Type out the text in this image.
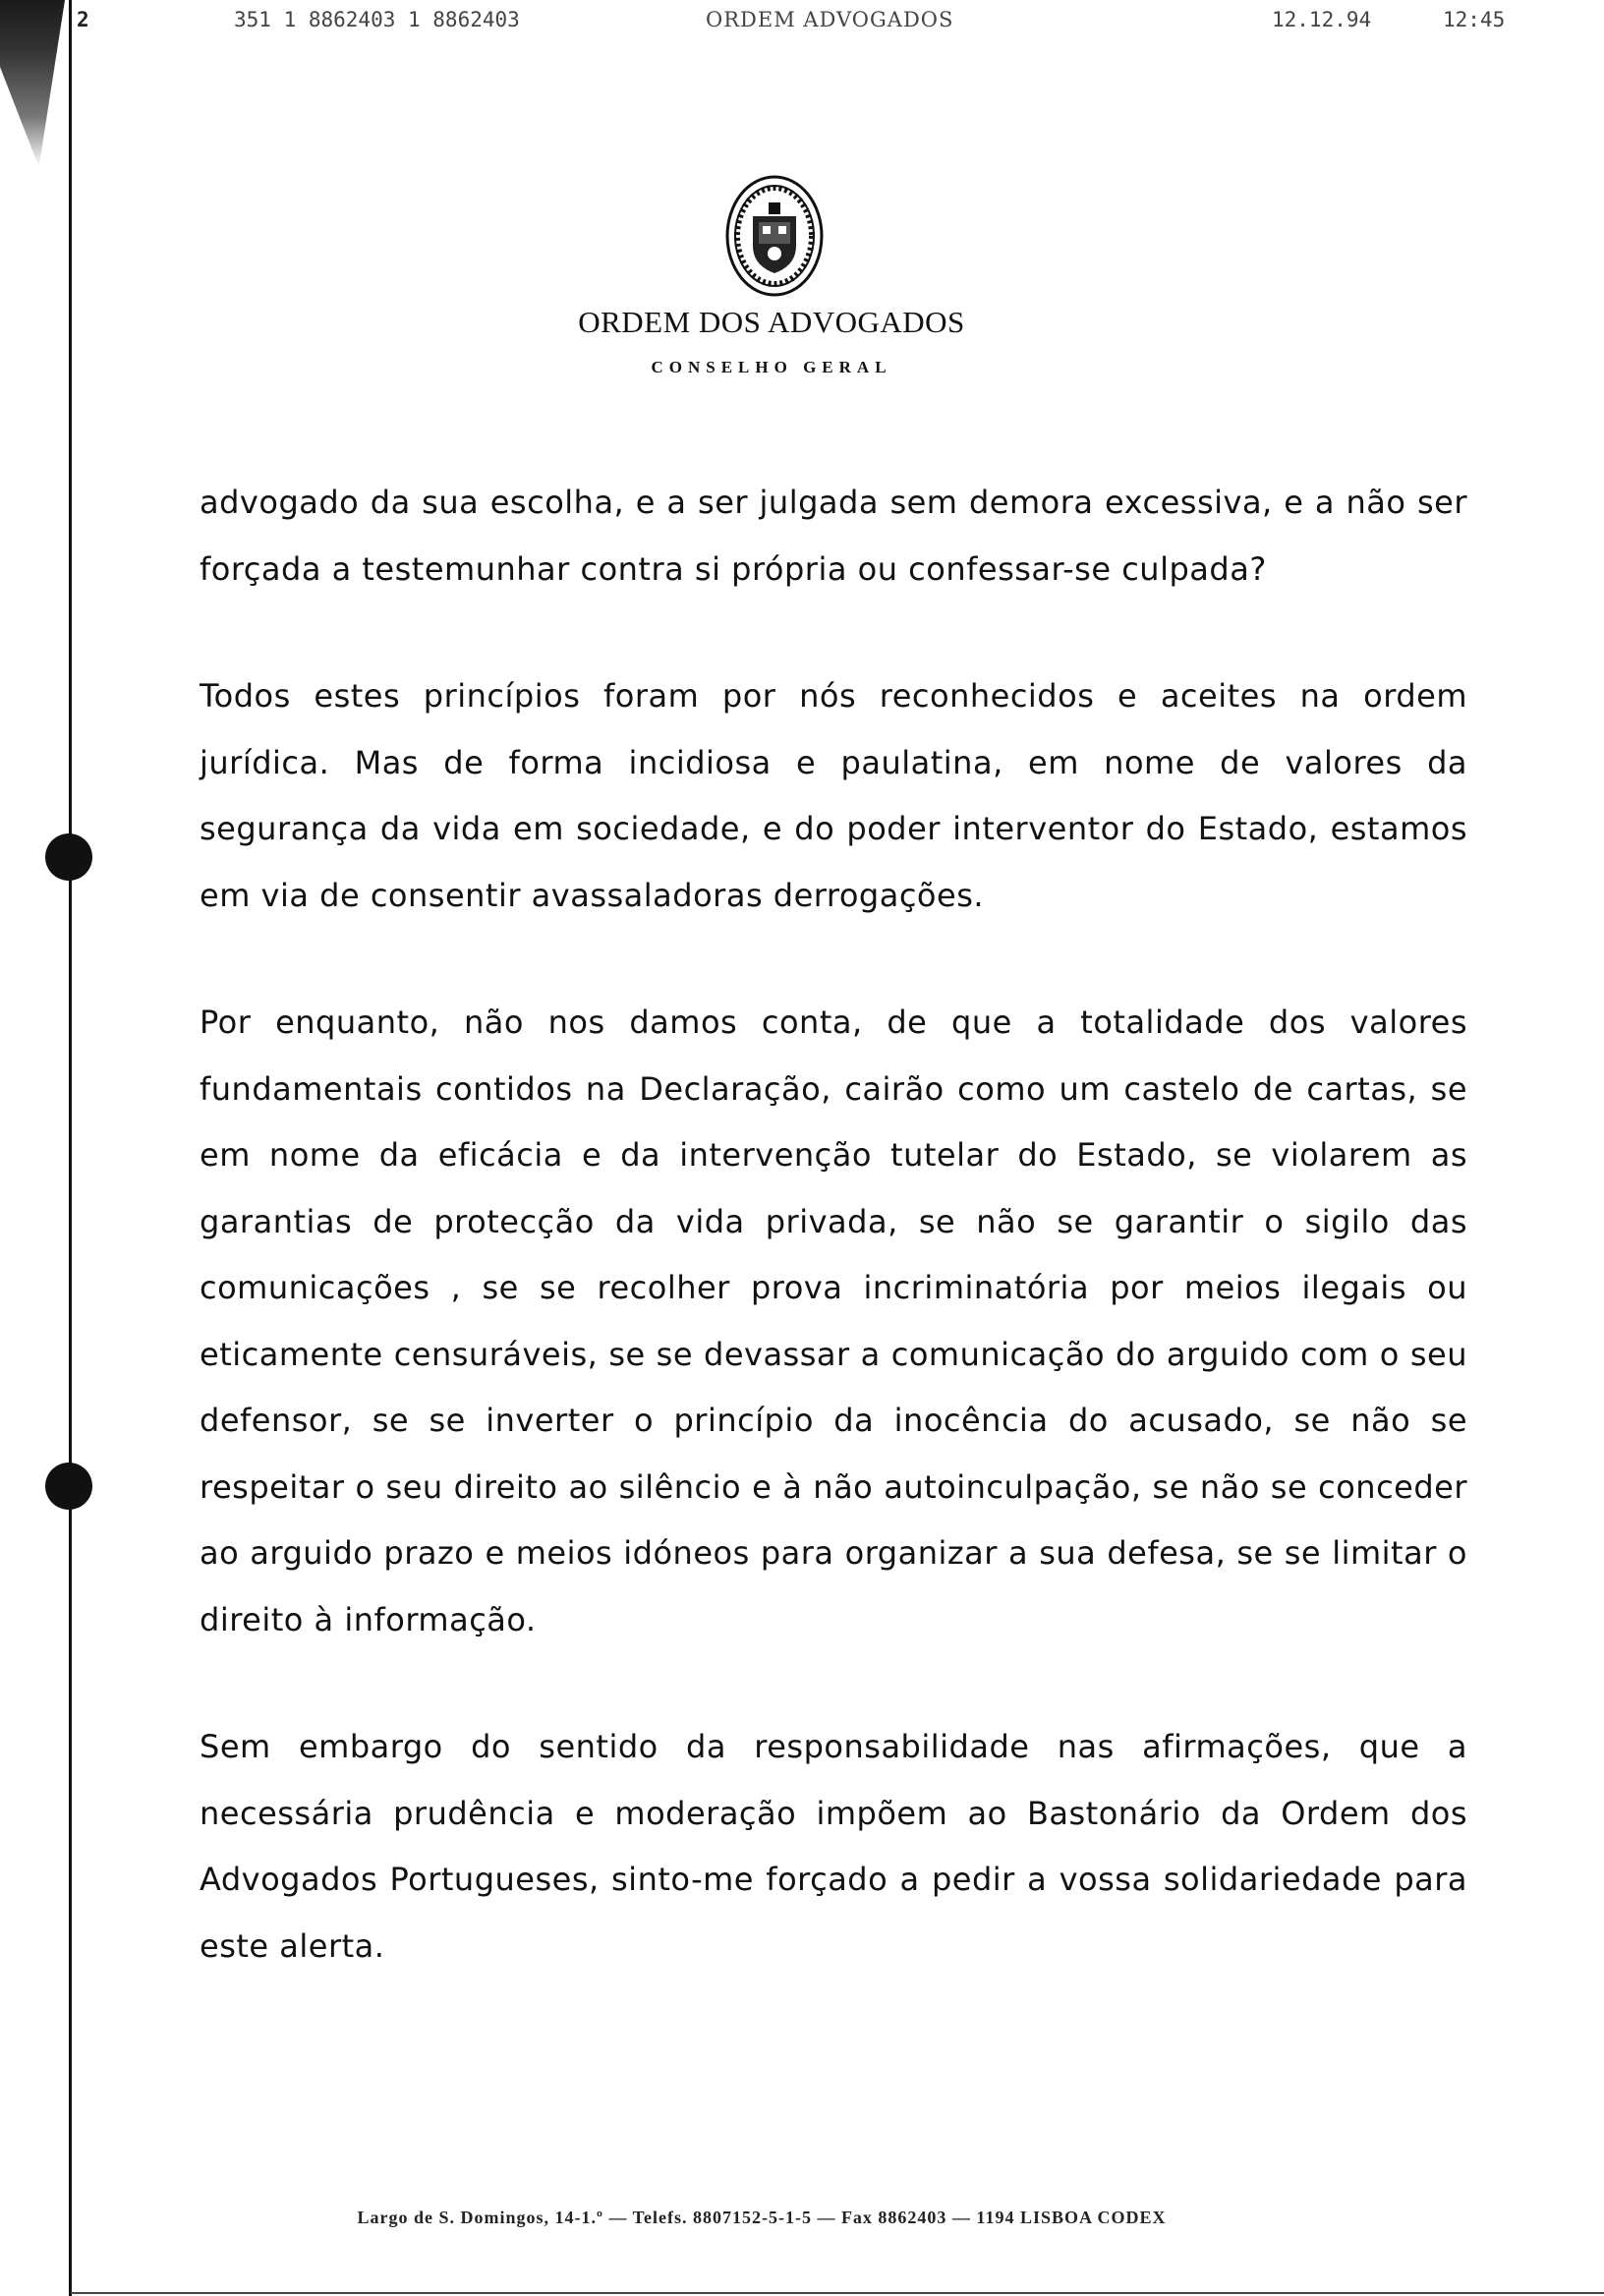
2	351 1 8862403 1 8862403	ORDEM ADVOGADOS	12.12.94	12:45
ORDEM DOS ADVOGADOS
CONSELHO GERAL

advogado da sua escolha, e a ser julgada sem demora excessiva, e a não ser forçada a testemunhar contra si própria ou confessar-se culpada?

Todos estes princípios foram por nós reconhecidos e aceites na ordem jurídica. Mas de forma incidiosa e paulatina, em nome de valores da segurança da vida em sociedade, e do poder interventor do Estado, estamos em via de consentir avassaladoras derrogações.

Por enquanto, não nos damos conta, de que a totalidade dos valores fundamentais contidos na Declaração, cairão como um castelo de cartas, se em nome da eficácia e da intervenção tutelar do Estado, se violarem as garantias de protecção da vida privada, se não se garantir o sigilo das comunicações , se se recolher prova incriminatória por meios ilegais ou eticamente censuráveis, se se devassar a comunicação do arguido com o seu defensor, se se inverter o princípio da inocência do acusado, se não se respeitar o seu direito ao silêncio e à não autoinculpação, se não se conceder ao arguido prazo e meios idóneos para organizar a sua defesa, se se limitar o direito à informação.

Sem embargo do sentido da responsabilidade nas afirmações, que a necessária prudência e moderação impõem ao Bastonário da Ordem dos Advogados Portugueses, sinto-me forçado a pedir a vossa solidariedade para este alerta.

Largo de S. Domingos, 14-1.º — Telefs. 8807152-5-1-5 — Fax 8862403 — 1194 LISBOA CODEX
